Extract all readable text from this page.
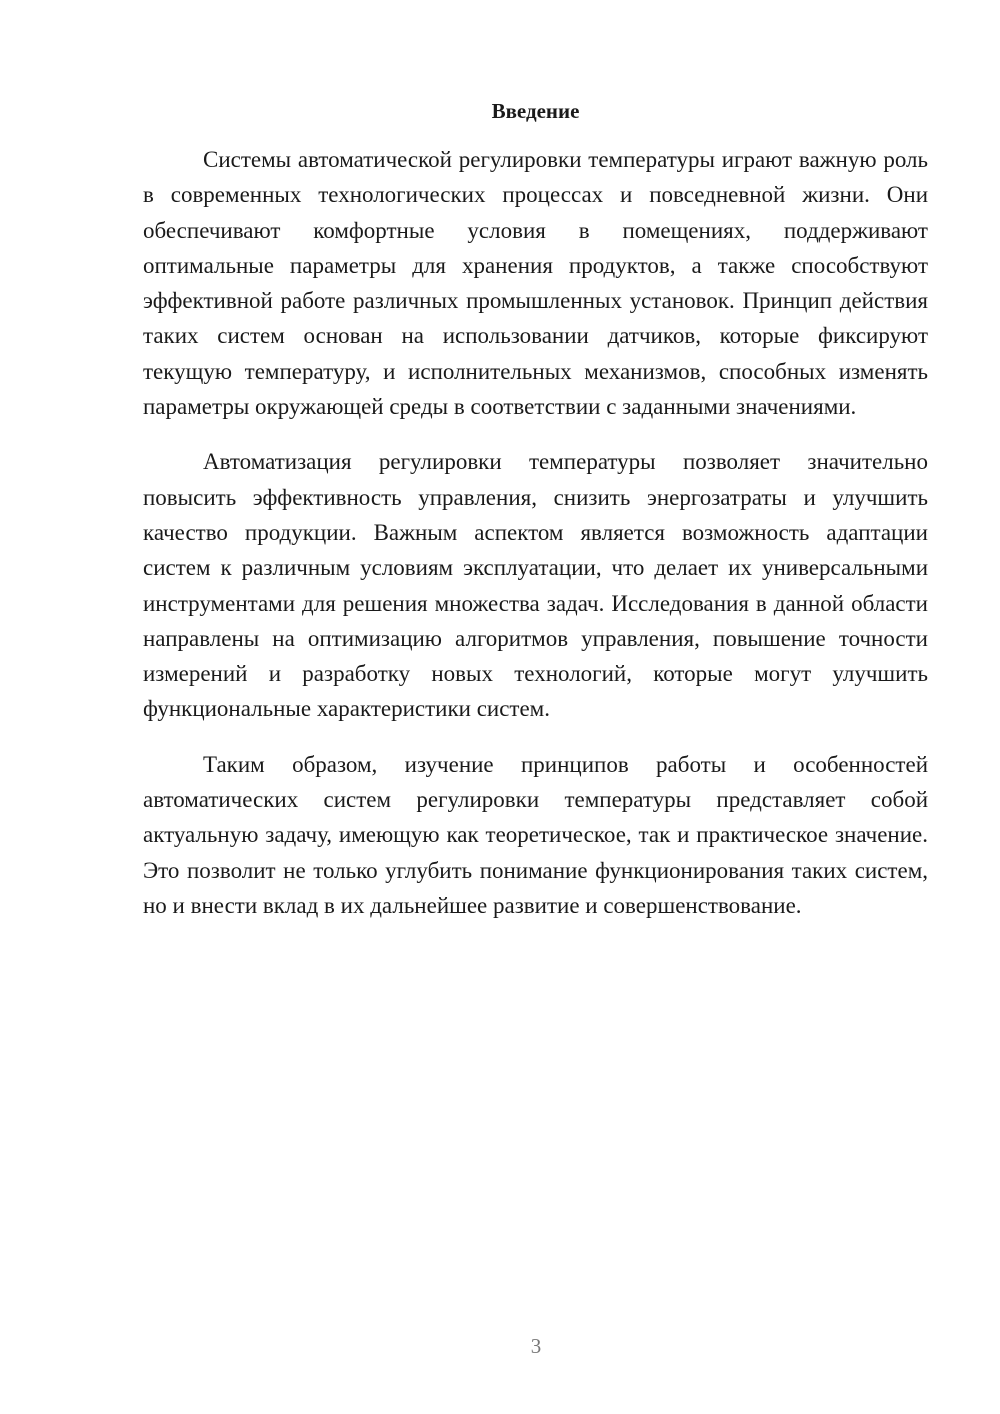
Введение

Системы автоматической регулировки температуры играют важную роль в современных технологических процессах и повседневной жизни. Они обеспечивают комфортные условия в помещениях, поддерживают оптимальные параметры для хранения продуктов, а также способствуют эффективной работе различных промышленных установок. Принцип действия таких систем основан на использовании датчиков, которые фиксируют текущую температуру, и исполнительных механизмов, способных изменять параметры окружающей среды в соответствии с заданными значениями.

Автоматизация регулировки температуры позволяет значительно повысить эффективность управления, снизить энергозатраты и улучшить качество продукции. Важным аспектом является возможность адаптации систем к различным условиям эксплуатации, что делает их универсальными инструментами для решения множества задач. Исследования в данной области направлены на оптимизацию алгоритмов управления, повышение точности измерений и разработку новых технологий, которые могут улучшить функциональные характеристики систем.

Таким образом, изучение принципов работы и особенностей автоматических систем регулировки температуры представляет собой актуальную задачу, имеющую как теоретическое, так и практическое значение. Это позволит не только углубить понимание функционирования таких систем, но и внести вклад в их дальнейшее развитие и совершенствование.

3
